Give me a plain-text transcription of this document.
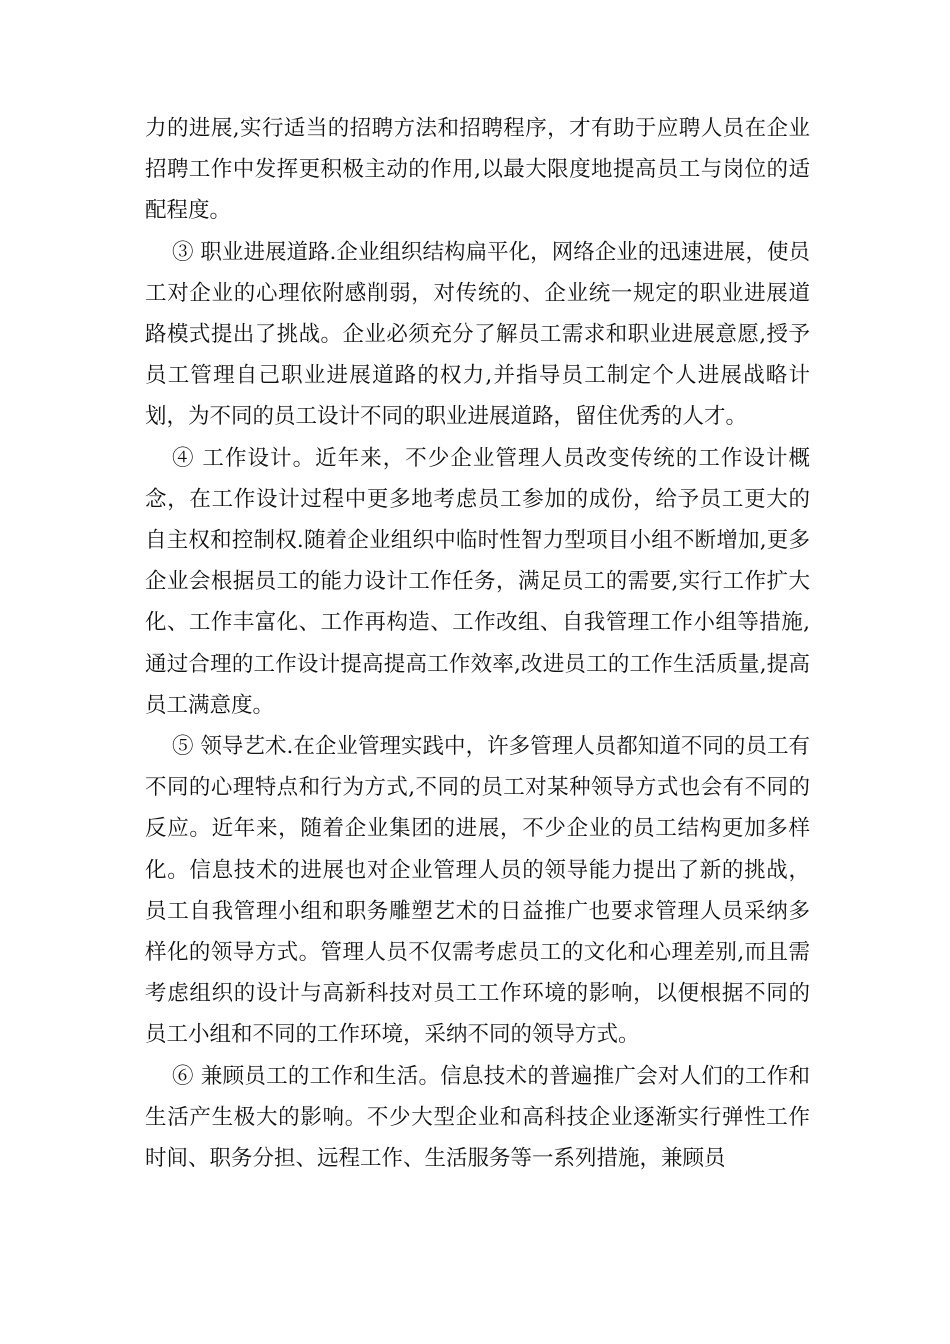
力的进展,实行适当的招聘方法和招聘程序，才有助于应聘人员在企业招聘工作中发挥更积极主动的作用,以最大限度地提高员工与岗位的适配程度。

③ 职业进展道路.企业组织结构扁平化，网络企业的迅速进展，使员工对企业的心理依附感削弱，对传统的、企业统一规定的职业进展道路模式提出了挑战。企业必须充分了解员工需求和职业进展意愿,授予员工管理自己职业进展道路的权力,并指导员工制定个人进展战略计划，为不同的员工设计不同的职业进展道路，留住优秀的人才。

④ 工作设计。近年来，不少企业管理人员改变传统的工作设计概念，在工作设计过程中更多地考虑员工参加的成份，给予员工更大的自主权和控制权.随着企业组织中临时性智力型项目小组不断增加,更多企业会根据员工的能力设计工作任务，满足员工的需要,实行工作扩大化、工作丰富化、工作再构造、工作改组、自我管理工作小组等措施,通过合理的工作设计提高提高工作效率,改进员工的工作生活质量,提高员工满意度。

⑤ 领导艺术.在企业管理实践中，许多管理人员都知道不同的员工有不同的心理特点和行为方式,不同的员工对某种领导方式也会有不同的反应。近年来，随着企业集团的进展，不少企业的员工结构更加多样化。信息技术的进展也对企业管理人员的领导能力提出了新的挑战，员工自我管理小组和职务雕塑艺术的日益推广也要求管理人员采纳多样化的领导方式。管理人员不仅需考虑员工的文化和心理差别,而且需考虑组织的设计与高新科技对员工工作环境的影响，以便根据不同的员工小组和不同的工作环境，采纳不同的领导方式。

⑥ 兼顾员工的工作和生活。信息技术的普遍推广会对人们的工作和生活产生极大的影响。不少大型企业和高科技企业逐渐实行弹性工作时间、职务分担、远程工作、生活服务等一系列措施，兼顾员
